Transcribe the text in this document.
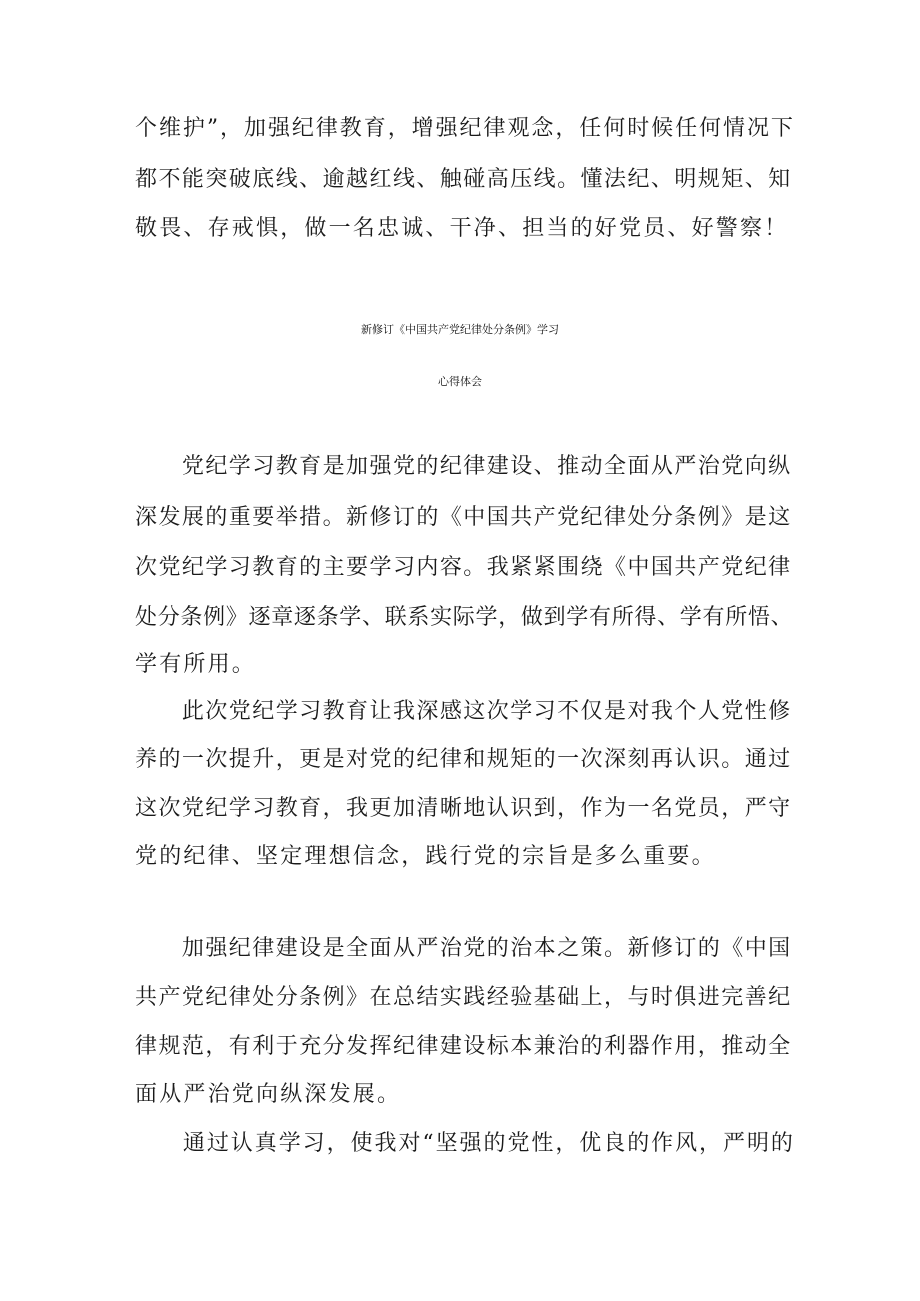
个维护”，加强纪律教育，增强纪律观念，任何时候任何情况下
都不能突破底线、逾越红线、触碰高压线。懂法纪、明规矩、知
敬畏、存戒惧，做一名忠诚、干净、担当的好党员、好警察！
新修订《中国共产党纪律处分条例》学习
心得体会
　　党纪学习教育是加强党的纪律建设、推动全面从严治党向纵
深发展的重要举措。新修订的《中国共产党纪律处分条例》是这
次党纪学习教育的主要学习内容。我紧紧围绕《中国共产党纪律
处分条例》逐章逐条学、联系实际学，做到学有所得、学有所悟、
学有所用。
　　此次党纪学习教育让我深感这次学习不仅是对我个人党性修
养的一次提升，更是对党的纪律和规矩的一次深刻再认识。通过
这次党纪学习教育，我更加清晰地认识到，作为一名党员，严守
党的纪律、坚定理想信念，践行党的宗旨是多么重要。
　　加强纪律建设是全面从严治党的治本之策。新修订的《中国
共产党纪律处分条例》在总结实践经验基础上，与时俱进完善纪
律规范，有利于充分发挥纪律建设标本兼治的利器作用，推动全
面从严治党向纵深发展。
　　通过认真学习，使我对“坚强的党性，优良的作风，严明的
